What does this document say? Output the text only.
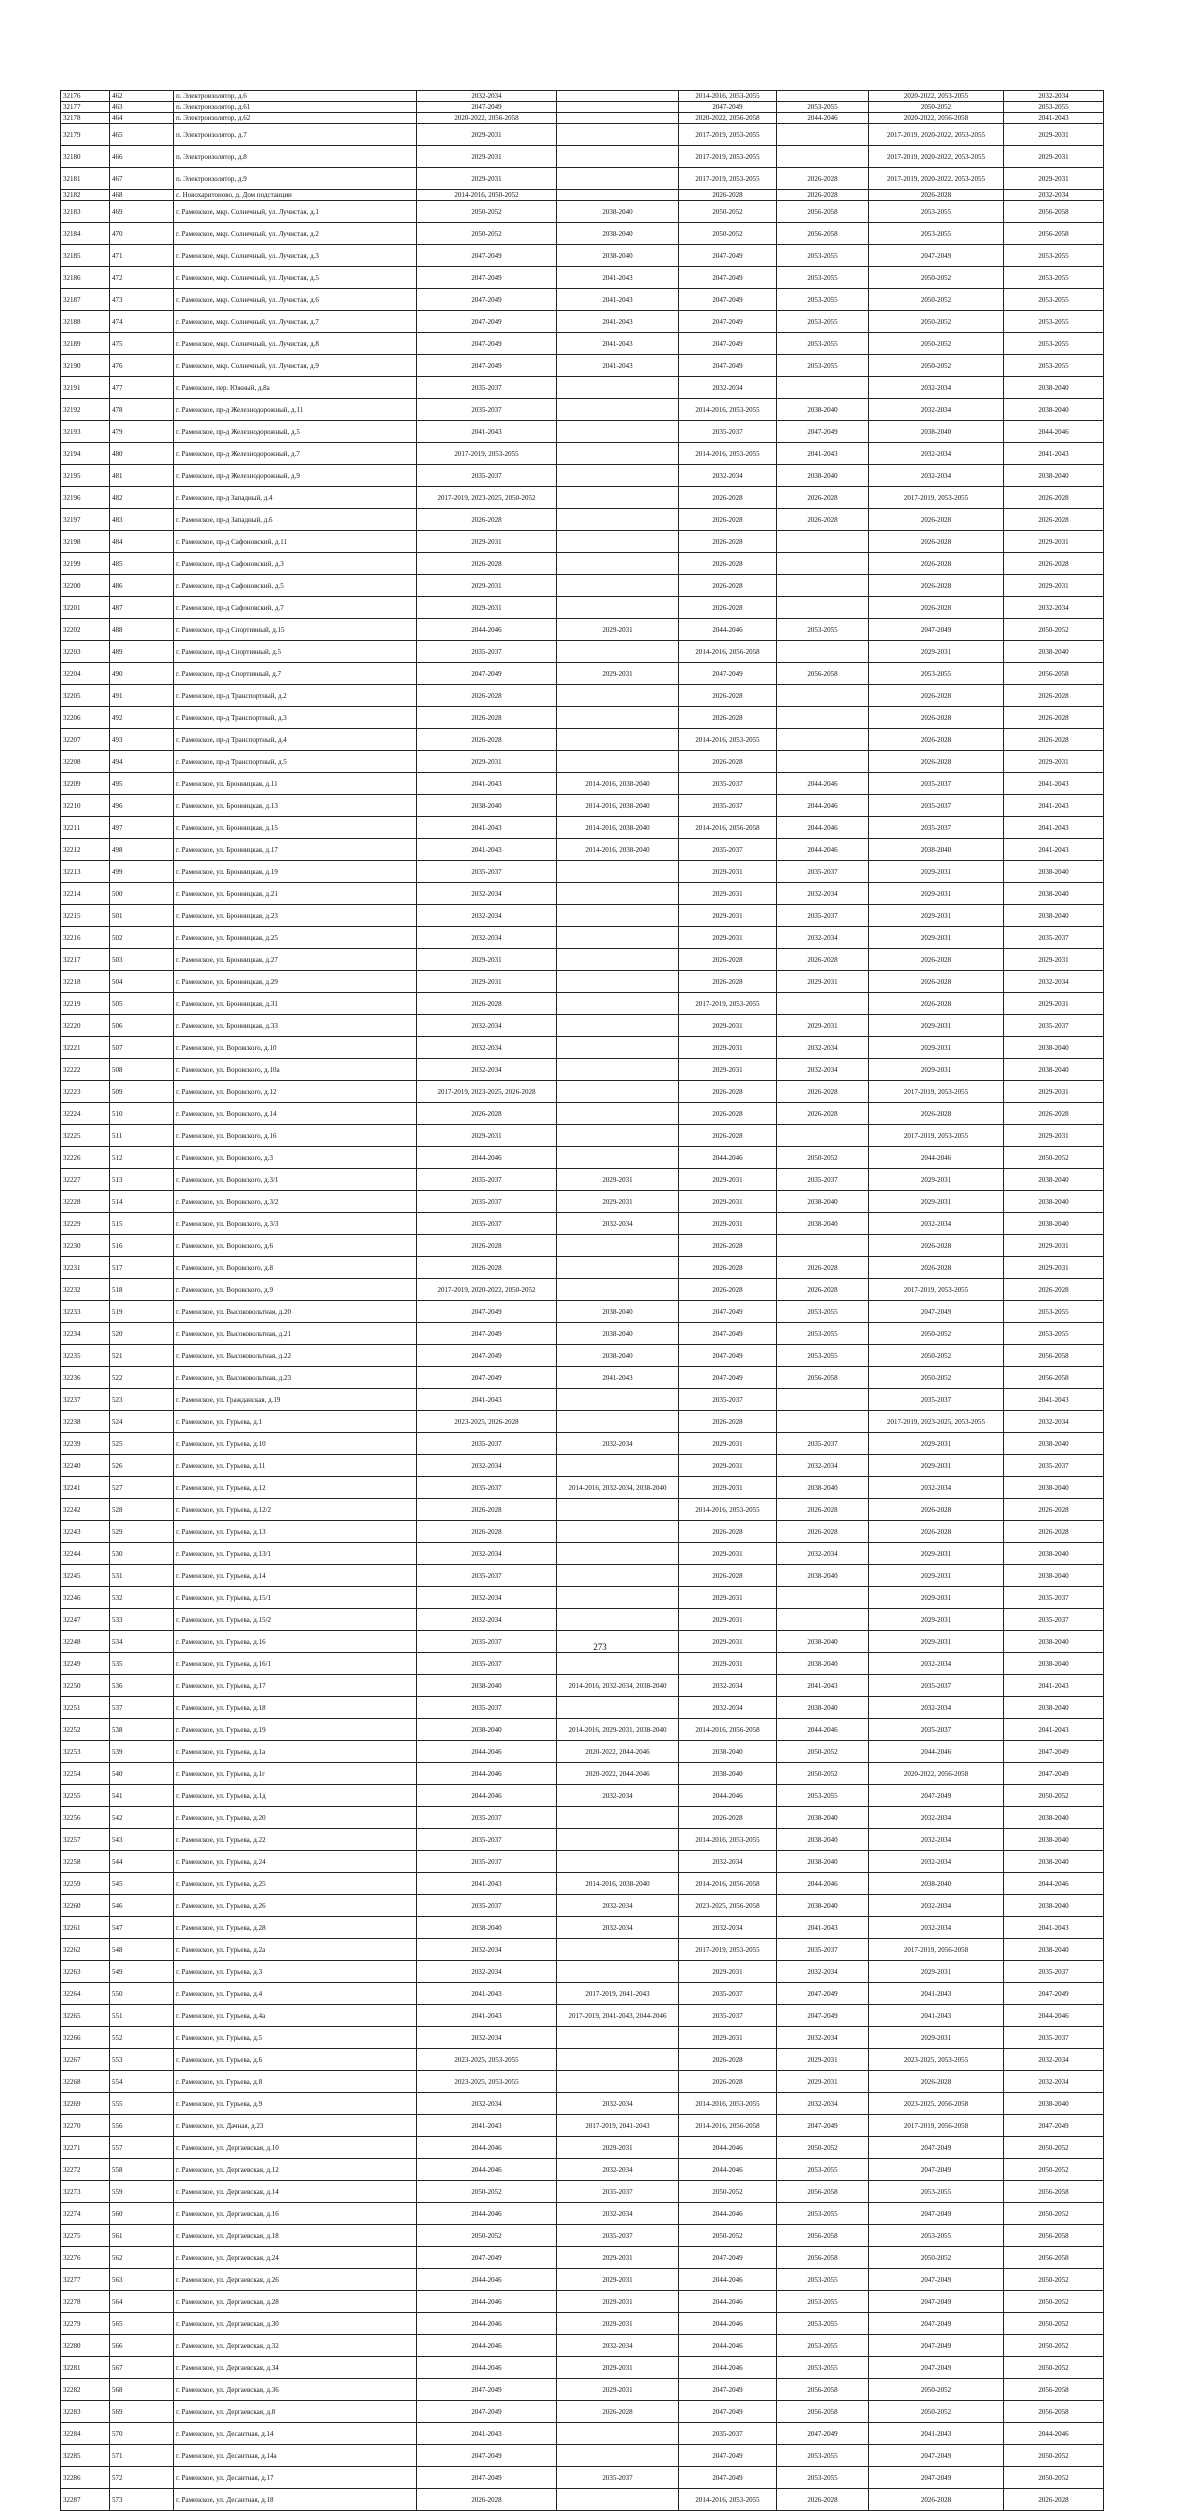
32176	462	п. Электроизолятор, д.6	2032-2034		2014-2016, 2053-2055		2020-2022, 2053-2055	2032-2034
32177	463	п. Электроизолятор, д.61	2047-2049		2047-2049	2053-2055	2050-2052	2053-2055
32178	464	п. Электроизолятор, д.62	2020-2022, 2056-2058		2020-2022, 2056-2058	2044-2046	2020-2022, 2056-2058	2041-2043
32179	465	п. Электроизолятор, д.7	2029-2031		2017-2019, 2053-2055		2017-2019, 2020-2022, 2053-2055	2029-2031
32180	466	п. Электроизолятор, д.8	2029-2031		2017-2019, 2053-2055		2017-2019, 2020-2022, 2053-2055	2029-2031
32181	467	п. Электроизолятор, д.9	2029-2031		2017-2019, 2053-2055	2026-2028	2017-2019, 2020-2022, 2053-2055	2029-2031
32182	468	с. Новохаритоново, д. Дом подстанции	2014-2016, 2050-2052		2026-2028	2026-2028	2026-2028	2032-2034
32183	469	г. Раменское, мкр. Солнечный, ул. Лучистая, д.1	2050-2052	2038-2040	2050-2052	2056-2058	2053-2055	2056-2058
32184	470	г. Раменское, мкр. Солнечный, ул. Лучистая, д.2	2050-2052	2038-2040	2050-2052	2056-2058	2053-2055	2056-2058
32185	471	г. Раменское, мкр. Солнечный, ул. Лучистая, д.3	2047-2049	2038-2040	2047-2049	2053-2055	2047-2049	2053-2055
32186	472	г. Раменское, мкр. Солнечный, ул. Лучистая, д.5	2047-2049	2041-2043	2047-2049	2053-2055	2050-2052	2053-2055
32187	473	г. Раменское, мкр. Солнечный, ул. Лучистая, д.6	2047-2049	2041-2043	2047-2049	2053-2055	2050-2052	2053-2055
32188	474	г. Раменское, мкр. Солнечный, ул. Лучистая, д.7	2047-2049	2041-2043	2047-2049	2053-2055	2050-2052	2053-2055
32189	475	г. Раменское, мкр. Солнечный, ул. Лучистая, д.8	2047-2049	2041-2043	2047-2049	2053-2055	2050-2052	2053-2055
32190	476	г. Раменское, мкр. Солнечный, ул. Лучистая, д.9	2047-2049	2041-2043	2047-2049	2053-2055	2050-2052	2053-2055
32191	477	г. Раменское, пер. Южный, д.8а	2035-2037		2032-2034		2032-2034	2038-2040
32192	478	г. Раменское, пр-д Железнодорожный, д.11	2035-2037		2014-2016, 2053-2055	2038-2040	2032-2034	2038-2040
32193	479	г. Раменское, пр-д Железнодорожный, д.5	2041-2043		2035-2037	2047-2049	2038-2040	2044-2046
32194	480	г. Раменское, пр-д Железнодорожный, д.7	2017-2019, 2053-2055		2014-2016, 2053-2055	2041-2043	2032-2034	2041-2043
32195	481	г. Раменское, пр-д Железнодорожный, д.9	2035-2037		2032-2034	2038-2040	2032-2034	2038-2040
32196	482	г. Раменское, пр-д Западный, д.4	2017-2019, 2023-2025, 2050-2052		2026-2028	2026-2028	2017-2019, 2053-2055	2026-2028
32197	483	г. Раменское, пр-д Западный, д.6	2026-2028		2026-2028	2026-2028	2026-2028	2026-2028
32198	484	г. Раменское, пр-д Сафоновский, д.11	2029-2031		2026-2028		2026-2028	2029-2031
32199	485	г. Раменское, пр-д Сафоновский, д.3	2026-2028		2026-2028		2026-2028	2026-2028
32200	486	г. Раменское, пр-д Сафоновский, д.5	2029-2031		2026-2028		2026-2028	2029-2031
32201	487	г. Раменское, пр-д Сафоновский, д.7	2029-2031		2026-2028		2026-2028	2032-2034
32202	488	г. Раменское, пр-д Спортивный, д.15	2044-2046	2029-2031	2044-2046	2053-2055	2047-2049	2050-2052
32203	489	г. Раменское, пр-д Спортивный, д.5	2035-2037		2014-2016, 2056-2058		2029-2031	2038-2040
32204	490	г. Раменское, пр-д Спортивный, д.7	2047-2049	2029-2031	2047-2049	2056-2058	2053-2055	2056-2058
32205	491	г. Раменское, пр-д Транспортный, д.2	2026-2028		2026-2028		2026-2028	2026-2028
32206	492	г. Раменское, пр-д Транспортный, д.3	2026-2028		2026-2028		2026-2028	2026-2028
32207	493	г. Раменское, пр-д Транспортный, д.4	2026-2028		2014-2016, 2053-2055		2026-2028	2026-2028
32208	494	г. Раменское, пр-д Транспортный, д.5	2029-2031		2026-2028		2026-2028	2029-2031
32209	495	г. Раменское, ул. Бронницкая, д.11	2041-2043	2014-2016, 2038-2040	2035-2037	2044-2046	2035-2037	2041-2043
32210	496	г. Раменское, ул. Бронницкая, д.13	2038-2040	2014-2016, 2038-2040	2035-2037	2044-2046	2035-2037	2041-2043
32211	497	г. Раменское, ул. Бронницкая, д.15	2041-2043	2014-2016, 2038-2040	2014-2016, 2056-2058	2044-2046	2035-2037	2041-2043
32212	498	г. Раменское, ул. Бронницкая, д.17	2041-2043	2014-2016, 2038-2040	2035-2037	2044-2046	2038-2040	2041-2043
32213	499	г. Раменское, ул. Бронницкая, д.19	2035-2037		2029-2031	2035-2037	2029-2031	2038-2040
32214	500	г. Раменское, ул. Бронницкая, д.21	2032-2034		2029-2031	2032-2034	2029-2031	2038-2040
32215	501	г. Раменское, ул. Бронницкая, д.23	2032-2034		2029-2031	2035-2037	2029-2031	2038-2040
32216	502	г. Раменское, ул. Бронницкая, д.25	2032-2034		2029-2031	2032-2034	2029-2031	2035-2037
32217	503	г. Раменское, ул. Бронницкая, д.27	2029-2031		2026-2028	2026-2028	2026-2028	2029-2031
32218	504	г. Раменское, ул. Бронницкая, д.29	2029-2031		2026-2028	2029-2031	2026-2028	2032-2034
32219	505	г. Раменское, ул. Бронницкая, д.31	2026-2028		2017-2019, 2053-2055		2026-2028	2029-2031
32220	506	г. Раменское, ул. Бронницкая, д.33	2032-2034		2029-2031	2029-2031	2029-2031	2035-2037
32221	507	г. Раменское, ул. Воровского, д.10	2032-2034		2029-2031	2032-2034	2029-2031	2038-2040
32222	508	г. Раменское, ул. Воровского, д.10а	2032-2034		2029-2031	2032-2034	2029-2031	2038-2040
32223	509	г. Раменское, ул. Воровского, д.12	2017-2019, 2023-2025, 2026-2028		2026-2028	2026-2028	2017-2019, 2053-2055	2029-2031
32224	510	г. Раменское, ул. Воровского, д.14	2026-2028		2026-2028	2026-2028	2026-2028	2026-2028
32225	511	г. Раменское, ул. Воровского, д.16	2029-2031		2026-2028		2017-2019, 2053-2055	2029-2031
32226	512	г. Раменское, ул. Воровского, д.3	2044-2046		2044-2046	2050-2052	2044-2046	2050-2052
32227	513	г. Раменское, ул. Воровского, д.3/1	2035-2037	2029-2031	2029-2031	2035-2037	2029-2031	2038-2040
32228	514	г. Раменское, ул. Воровского, д.3/2	2035-2037	2029-2031	2029-2031	2038-2040	2029-2031	2038-2040
32229	515	г. Раменское, ул. Воровского, д.3/3	2035-2037	2032-2034	2029-2031	2038-2040	2032-2034	2038-2040
32230	516	г. Раменское, ул. Воровского, д.6	2026-2028		2026-2028		2026-2028	2029-2031
32231	517	г. Раменское, ул. Воровского, д.8	2026-2028		2026-2028	2026-2028	2026-2028	2029-2031
32232	518	г. Раменское, ул. Воровского, д.9	2017-2019, 2020-2022, 2050-2052		2026-2028	2026-2028	2017-2019, 2053-2055	2026-2028
32233	519	г. Раменское, ул. Высоковольтная, д.20	2047-2049	2038-2040	2047-2049	2053-2055	2047-2049	2053-2055
32234	520	г. Раменское, ул. Высоковольтная, д.21	2047-2049	2038-2040	2047-2049	2053-2055	2050-2052	2053-2055
32235	521	г. Раменское, ул. Высоковольтная, д.22	2047-2049	2038-2040	2047-2049	2053-2055	2050-2052	2056-2058
32236	522	г. Раменское, ул. Высоковольтная, д.23	2047-2049	2041-2043	2047-2049	2056-2058	2050-2052	2056-2058
32237	523	г. Раменское, ул. Гражданская, д.19	2041-2043		2035-2037		2035-2037	2041-2043
32238	524	г. Раменское, ул. Гурьева, д.1	2023-2025, 2026-2028		2026-2028		2017-2019, 2023-2025, 2053-2055	2032-2034
32239	525	г. Раменское, ул. Гурьева, д.10	2035-2037	2032-2034	2029-2031	2035-2037	2029-2031	2038-2040
32240	526	г. Раменское, ул. Гурьева, д.11	2032-2034		2029-2031	2032-2034	2029-2031	2035-2037
32241	527	г. Раменское, ул. Гурьева, д.12	2035-2037	2014-2016, 2032-2034, 2038-2040	2029-2031	2038-2040	2032-2034	2038-2040
32242	528	г. Раменское, ул. Гурьева, д.12/2	2026-2028		2014-2016, 2053-2055	2026-2028	2026-2028	2026-2028
32243	529	г. Раменское, ул. Гурьева, д.13	2026-2028		2026-2028	2026-2028	2026-2028	2026-2028
32244	530	г. Раменское, ул. Гурьева, д.13/1	2032-2034		2029-2031	2032-2034	2029-2031	2038-2040
32245	531	г. Раменское, ул. Гурьева, д.14	2035-2037		2026-2028	2038-2040	2029-2031	2038-2040
32246	532	г. Раменское, ул. Гурьева, д.15/1	2032-2034		2029-2031		2029-2031	2035-2037
32247	533	г. Раменское, ул. Гурьева, д.15/2	2032-2034		2029-2031		2029-2031	2035-2037
32248	534	г. Раменское, ул. Гурьева, д.16	2035-2037		2029-2031	2038-2040	2029-2031	2038-2040
32249	535	г. Раменское, ул. Гурьева, д.16/1	2035-2037		2029-2031	2038-2040	2032-2034	2038-2040
32250	536	г. Раменское, ул. Гурьева, д.17	2038-2040	2014-2016, 2032-2034, 2038-2040	2032-2034	2041-2043	2035-2037	2041-2043
32251	537	г. Раменское, ул. Гурьева, д.18	2035-2037		2032-2034	2038-2040	2032-2034	2038-2040
32252	538	г. Раменское, ул. Гурьева, д.19	2038-2040	2014-2016, 2029-2031, 2038-2040	2014-2016, 2056-2058	2044-2046	2035-2037	2041-2043
32253	539	г. Раменское, ул. Гурьева, д.1а	2044-2046	2020-2022, 2044-2046	2038-2040	2050-2052	2044-2046	2047-2049
32254	540	г. Раменское, ул. Гурьева, д.1г	2044-2046	2020-2022, 2044-2046	2038-2040	2050-2052	2020-2022, 2056-2058	2047-2049
32255	541	г. Раменское, ул. Гурьева, д.1д	2044-2046	2032-2034	2044-2046	2053-2055	2047-2049	2050-2052
32256	542	г. Раменское, ул. Гурьева, д.20	2035-2037		2026-2028	2038-2040	2032-2034	2038-2040
32257	543	г. Раменское, ул. Гурьева, д.22	2035-2037		2014-2016, 2053-2055	2038-2040	2032-2034	2038-2040
32258	544	г. Раменское, ул. Гурьева, д.24	2035-2037		2032-2034	2038-2040	2032-2034	2038-2040
32259	545	г. Раменское, ул. Гурьева, д.25	2041-2043	2014-2016, 2038-2040	2014-2016, 2056-2058	2044-2046	2038-2040	2044-2046
32260	546	г. Раменское, ул. Гурьева, д.26	2035-2037	2032-2034	2023-2025, 2056-2058	2038-2040	2032-2034	2038-2040
32261	547	г. Раменское, ул. Гурьева, д.28	2038-2040	2032-2034	2032-2034	2041-2043	2032-2034	2041-2043
32262	548	г. Раменское, ул. Гурьева, д.2а	2032-2034		2017-2019, 2053-2055	2035-2037	2017-2019, 2056-2058	2038-2040
32263	549	г. Раменское, ул. Гурьева, д.3	2032-2034		2029-2031	2032-2034	2029-2031	2035-2037
32264	550	г. Раменское, ул. Гурьева, д.4	2041-2043	2017-2019, 2041-2043	2035-2037	2047-2049	2041-2043	2047-2049
32265	551	г. Раменское, ул. Гурьева, д.4а	2041-2043	2017-2019, 2041-2043, 2044-2046	2035-2037	2047-2049	2041-2043	2044-2046
32266	552	г. Раменское, ул. Гурьева, д.5	2032-2034		2029-2031	2032-2034	2029-2031	2035-2037
32267	553	г. Раменское, ул. Гурьева, д.6	2023-2025, 2053-2055		2026-2028	2029-2031	2023-2025, 2053-2055	2032-2034
32268	554	г. Раменское, ул. Гурьева, д.8	2023-2025, 2053-2055		2026-2028	2029-2031	2026-2028	2032-2034
32269	555	г. Раменское, ул. Гурьева, д.9	2032-2034	2032-2034	2014-2016, 2053-2055	2032-2034	2023-2025, 2056-2058	2038-2040
32270	556	г. Раменское, ул. Дачная, д.23	2041-2043	2017-2019, 2041-2043	2014-2016, 2056-2058	2047-2049	2017-2019, 2056-2058	2047-2049
32271	557	г. Раменское, ул. Дергаевская, д.10	2044-2046	2029-2031	2044-2046	2050-2052	2047-2049	2050-2052
32272	558	г. Раменское, ул. Дергаевская, д.12	2044-2046	2032-2034	2044-2046	2053-2055	2047-2049	2050-2052
32273	559	г. Раменское, ул. Дергаевская, д.14	2050-2052	2035-2037	2050-2052	2056-2058	2053-2055	2056-2058
32274	560	г. Раменское, ул. Дергаевская, д.16	2044-2046	2032-2034	2044-2046	2053-2055	2047-2049	2050-2052
32275	561	г. Раменское, ул. Дергаевская, д.18	2050-2052	2035-2037	2050-2052	2056-2058	2053-2055	2056-2058
32276	562	г. Раменское, ул. Дергаевская, д.24	2047-2049	2029-2031	2047-2049	2056-2058	2050-2052	2056-2058
32277	563	г. Раменское, ул. Дергаевская, д.26	2044-2046	2029-2031	2044-2046	2053-2055	2047-2049	2050-2052
32278	564	г. Раменское, ул. Дергаевская, д.28	2044-2046	2029-2031	2044-2046	2053-2055	2047-2049	2050-2052
32279	565	г. Раменское, ул. Дергаевская, д.30	2044-2046	2029-2031	2044-2046	2053-2055	2047-2049	2050-2052
32280	566	г. Раменское, ул. Дергаевская, д.32	2044-2046	2032-2034	2044-2046	2053-2055	2047-2049	2050-2052
32281	567	г. Раменское, ул. Дергаевская, д.34	2044-2046	2029-2031	2044-2046	2053-2055	2047-2049	2050-2052
32282	568	г. Раменское, ул. Дергаевская, д.36	2047-2049	2029-2031	2047-2049	2056-2058	2050-2052	2056-2058
32283	569	г. Раменское, ул. Дергаевская, д.8	2047-2049	2026-2028	2047-2049	2056-2058	2050-2052	2056-2058
32284	570	г. Раменское, ул. Десантная, д.14	2041-2043		2035-2037	2047-2049	2041-2043	2044-2046
32285	571	г. Раменское, ул. Десантная, д.14а	2047-2049		2047-2049	2053-2055	2047-2049	2050-2052
32286	572	г. Раменское, ул. Десантная, д.17	2047-2049	2035-2037	2047-2049	2053-2055	2047-2049	2050-2052
32287	573	г. Раменское, ул. Десантная, д.18	2026-2028		2014-2016, 2053-2055	2026-2028	2026-2028	2026-2028
273
